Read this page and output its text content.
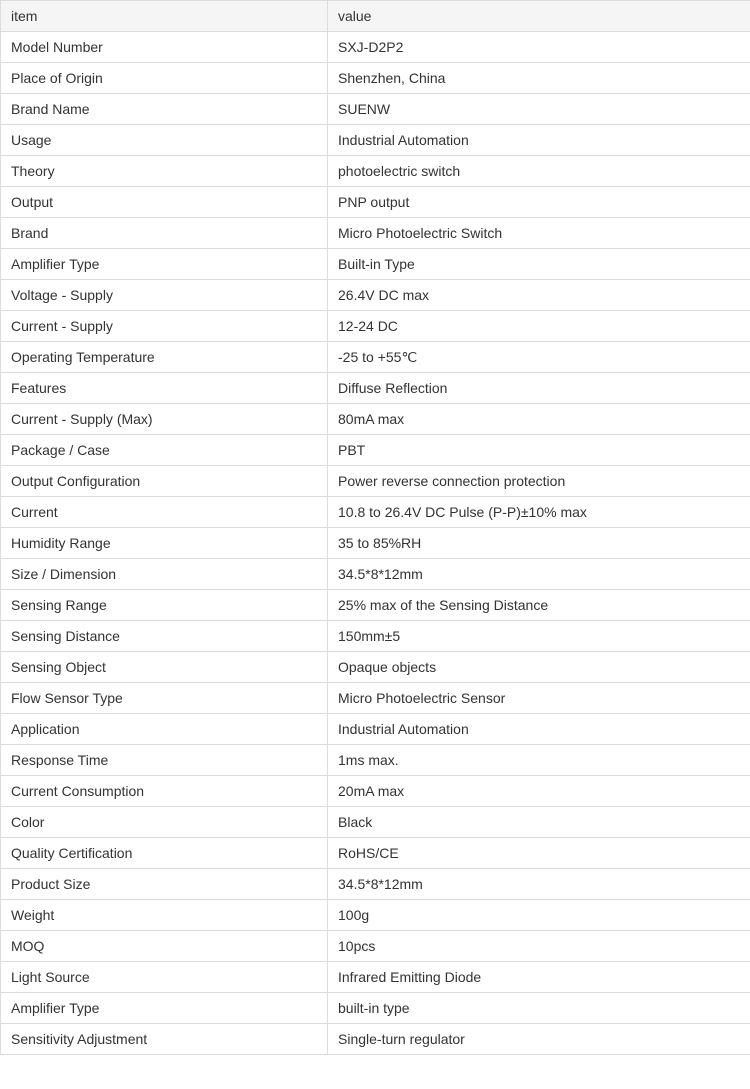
item	value
Model Number	SXJ-D2P2
Place of Origin	Shenzhen, China
Brand Name	SUENW
Usage	Industrial Automation
Theory	photoelectric switch
Output	PNP output
Brand	Micro Photoelectric Switch
Amplifier Type	Built-in Type
Voltage - Supply	26.4V DC max
Current - Supply	12-24 DC
Operating Temperature	-25 to +55℃
Features	Diffuse Reflection
Current - Supply (Max)	80mA max
Package / Case	PBT
Output Configuration	Power reverse connection protection
Current	10.8 to 26.4V DC Pulse (P-P)±10% max
Humidity Range	35 to 85%RH
Size / Dimension	34.5*8*12mm
Sensing Range	25% max of the Sensing Distance
Sensing Distance	150mm±5
Sensing Object	Opaque objects
Flow Sensor Type	Micro Photoelectric Sensor
Application	Industrial Automation
Response Time	1ms max.
Current Consumption	20mA max
Color	Black
Quality Certification	RoHS/CE
Product Size	34.5*8*12mm
Weight	100g
MOQ	10pcs
Light Source	Infrared Emitting Diode
Amplifier Type	built-in type
Sensitivity Adjustment	Single-turn regulator
